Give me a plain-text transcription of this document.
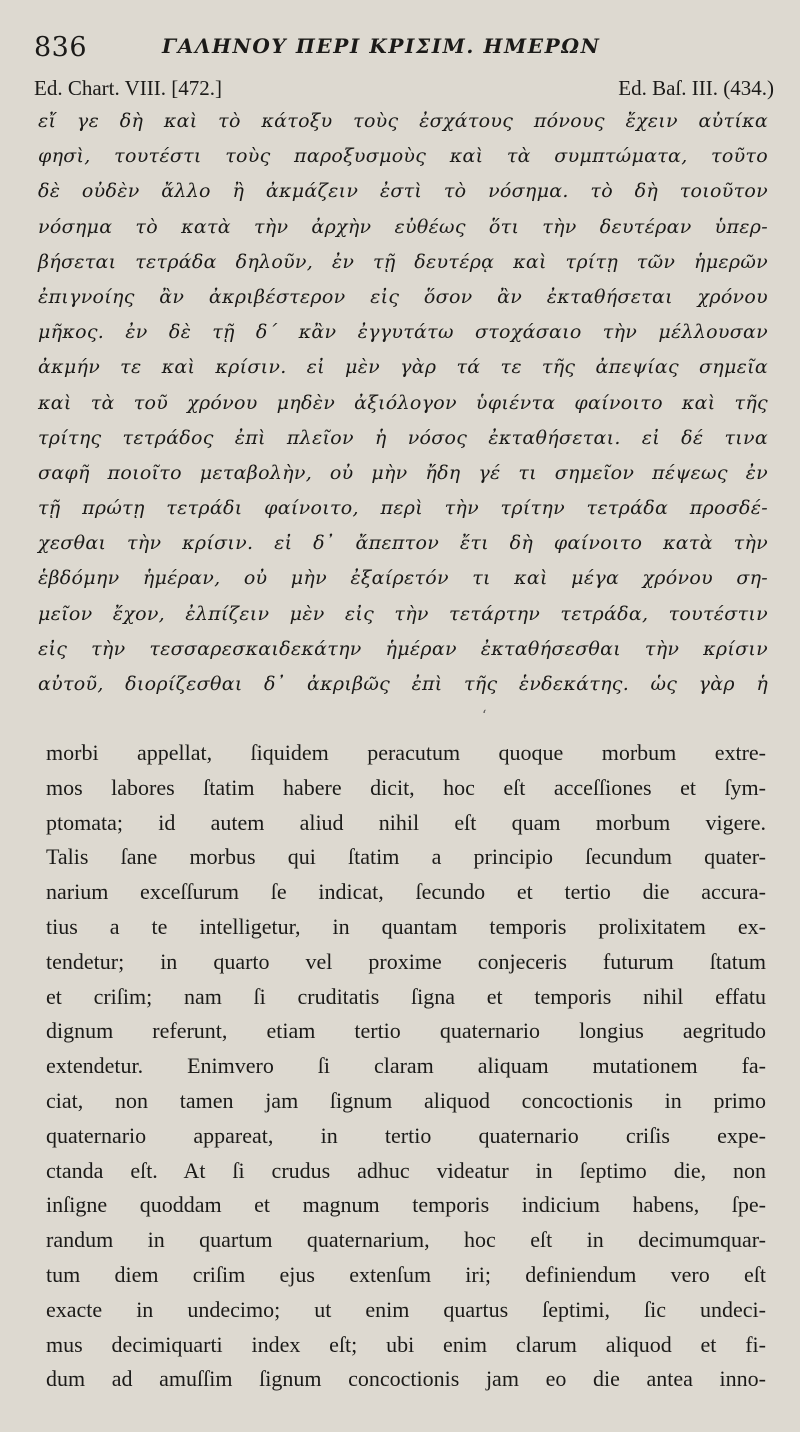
836	ΓΑΛΗΝΟΥ ΠΕΡΙ ΚΡΙΣΙΜ. ΗΜΕΡΩΝ
Ed. Chart. VIII. [472.]	Ed. Baſ. III. (434.)
εἴ γε δὴ καὶ τὸ κάτοξυ τοὺς ἐσχάτους πόνους ἔχειν αὐτίκα
φησὶ, τουτέστι τοὺς παροξυσμοὺς καὶ τὰ συμπτώματα, τοῦτο
δὲ οὐδὲν ἄλλο ἢ ἀκμάζειν ἐστὶ τὸ νόσημα. τὸ δὴ τοιοῦτον
νόσημα τὸ κατὰ τὴν ἀρχὴν εὐθέως ὅτι τὴν δευτέραν ὑπερ-
βήσεται τετράδα δηλοῦν, ἐν τῇ δευτέρᾳ καὶ τρίτῃ τῶν ἡμερῶν
ἐπιγνοίης ἂν ἀκριβέστερον εἰς ὅσον ἂν ἐκταθήσεται χρόνου
μῆκος. ἐν δὲ τῇ δ΄ κἂν ἐγγυτάτω στοχάσαιο τὴν μέλλουσαν
ἀκμήν τε καὶ κρίσιν. εἰ μὲν γὰρ τά τε τῆς ἀπεψίας σημεῖα
καὶ τὰ τοῦ χρόνου μηδὲν ἀξιόλογον ὑφιέντα φαίνοιτο καὶ τῆς
τρίτης τετράδος ἐπὶ πλεῖον ἡ νόσος ἐκταθήσεται. εἰ δέ τινα
σαφῆ ποιοῖτο μεταβολὴν, οὐ μὴν ἤδη γέ τι σημεῖον πέψεως ἐν
τῇ πρώτῃ τετράδι φαίνοιτο, περὶ τὴν τρίτην τετράδα προσδέ-
χεσθαι τὴν κρίσιν. εἰ δ᾽ ἄπεπτον ἔτι δὴ φαίνοιτο κατὰ τὴν
ἑβδόμην ἡμέραν, οὐ μὴν ἐξαίρετόν τι καὶ μέγα χρόνου ση-
μεῖον ἔχον, ἐλπίζειν μὲν εἰς τὴν τετάρτην τετράδα, τουτέστιν
εἰς τὴν τεσσαρεσκαιδεκάτην ἡμέραν ἐκταθήσεσθαι τὴν κρίσιν
αὐτοῦ, διορίζεσθαι δ᾽ ἀκριβῶς ἐπὶ τῆς ἑνδεκάτης. ὡς γὰρ ἡ
ʻ
morbi appellat, ſiquidem peracutum quoque morbum extre-
mos labores ſtatim habere dicit, hoc eſt acceſſiones et ſym-
ptomata; id autem aliud nihil eſt quam morbum vigere.
Talis ſane morbus qui ſtatim a principio ſecundum quater-
narium exceſſurum ſe indicat, ſecundo et tertio die accura-
tius a te intelligetur, in quantam temporis prolixitatem ex-
tendetur; in quarto vel proxime conjeceris futurum ſtatum
et criſim; nam ſi cruditatis ſigna et temporis nihil effatu
dignum referunt, etiam tertio quaternario longius aegritudo
extendetur. Enimvero ſi claram aliquam mutationem fa-
ciat, non tamen jam ſignum aliquod concoctionis in primo
quaternario appareat, in tertio quaternario criſis expe-
ctanda eſt. At ſi crudus adhuc videatur in ſeptimo die, non
inſigne quoddam et magnum temporis indicium habens, ſpe-
randum in quartum quaternarium, hoc eſt in decimumquar-
tum diem criſim ejus extenſum iri; definiendum vero eſt
exacte in undecimo; ut enim quartus ſeptimi, ſic undeci-
mus decimiquarti index eſt; ubi enim clarum aliquod et fi-
dum ad amuſſim ſignum concoctionis jam eo die antea inno-
